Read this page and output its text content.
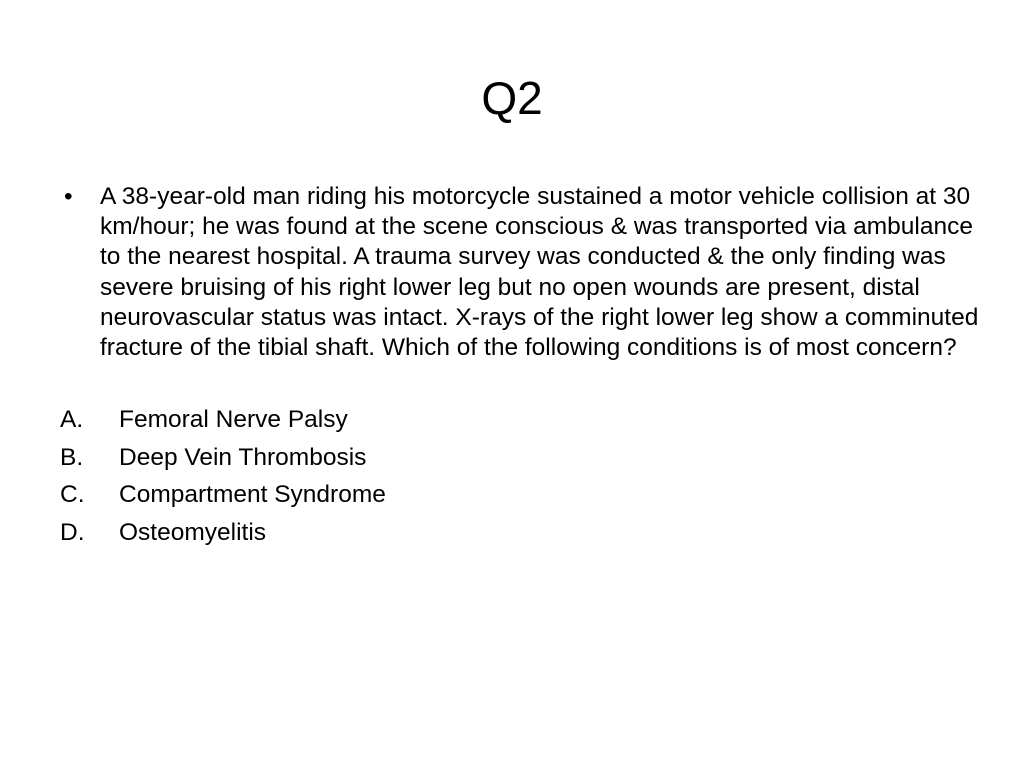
Q2
•	A 38-year-old man riding his motorcycle sustained a motor vehicle collision at 30 km/hour; he was found at the scene conscious & was transported via ambulance to the nearest hospital. A trauma survey was conducted & the only finding was severe bruising of his right lower leg but no open wounds are present, distal neurovascular status was intact. X-rays of the right lower leg show a comminuted fracture of the tibial shaft. Which of the following conditions is of most concern?
A.	Femoral Nerve Palsy
B.	Deep Vein Thrombosis
C.	Compartment Syndrome
D.	Osteomyelitis
